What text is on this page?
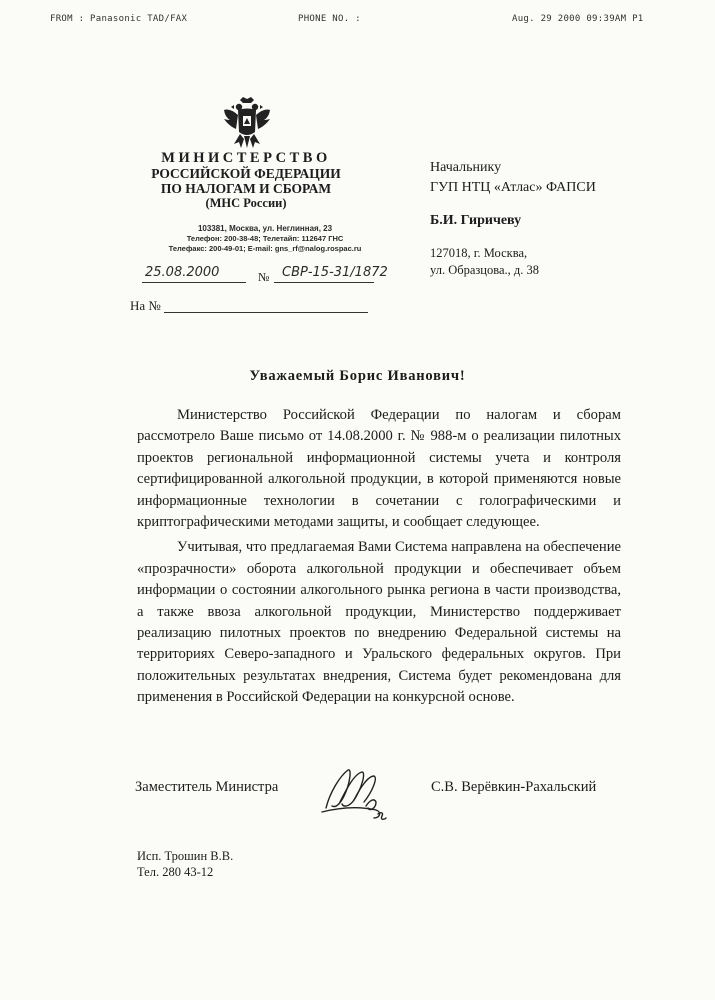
FROM : Panasonic TAD/FAX	PHONE NO. :	Aug. 29 2000 09:39AM P1
МИНИСТЕРСТВО
РОССИЙСКОЙ ФЕДЕРАЦИИ
ПО НАЛОГАМ И СБОРАМ
(МНС России)
103381, Москва, ул. Неглинная, 23
Телефон: 200-38-48; Телетайп: 112647 ГНС
Телефакс: 200-49-01; E-mail: gns_rf@nalog.rospac.ru
25.08.2000	№ СВР-15-31/1872
На №
Начальнику
ГУП НТЦ «Атлас» ФАПСИ
Б.И. Гиричеву
127018, г. Москва,
ул. Образцова., д. 38
Уважаемый Борис Иванович!

Министерство Российской Федерации по налогам и сборам рассмотрело Ваше письмо от 14.08.2000 г. № 988-м о реализации пилотных проектов региональной информационной системы учета и контроля сертифицированной алкогольной продукции, в которой применяются новые информационные технологии в сочетании с голографическими и криптографическими методами защиты, и сообщает следующее.

Учитывая, что предлагаемая Вами Система направлена на обеспечение «прозрачности» оборота алкогольной продукции и обеспечивает объем информации о состоянии алкогольного рынка региона в части производства, а также ввоза алкогольной продукции, Министерство поддерживает реализацию пилотных проектов по внедрению Федеральной системы на территориях Северо-западного и Уральского федеральных округов. При положительных результатах внедрения, Система будет рекомендована для применения в Российской Федерации на конкурсной основе.

Заместитель Министра	С.В. Верёвкин-Рахальский
Исп. Трошин В.В.
Тел. 280 43-12
